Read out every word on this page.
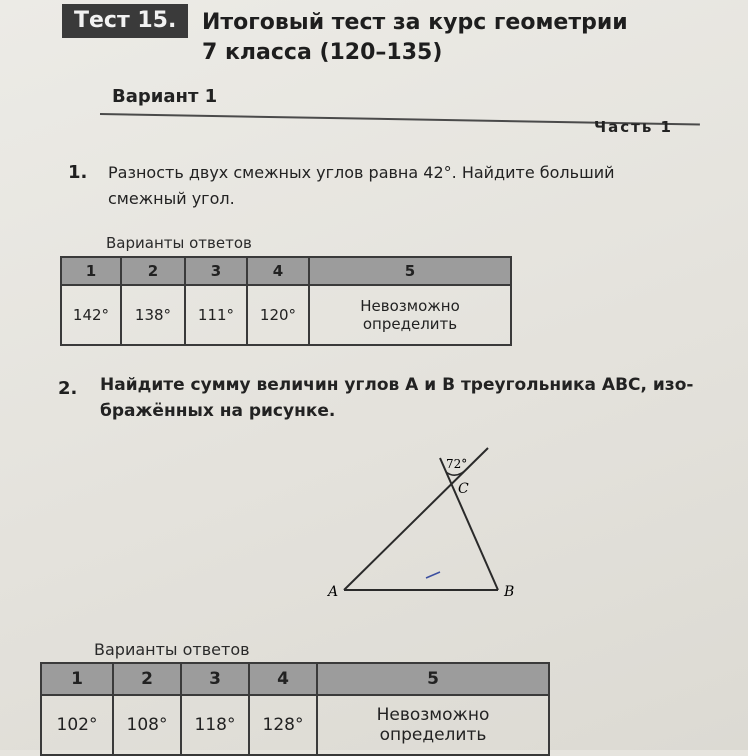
Тест 15.	Итоговый тест за курс геометрии
7 класса (120–135)
Вариант 1
Часть 1
1. Разность двух смежных углов равна 42°. Найдите больший
смежный угол.
Варианты ответов
1	2	3	4	5
142°	138°	111°	120°	Невозможно
определить
2. Найдите сумму величин углов A и B треугольника ABC, изо-
бражённых на рисунке.
72°
C
A	B
Варианты ответов
1	2	3	4	5
102°	108°	118°	128°	Невозможно
определить
